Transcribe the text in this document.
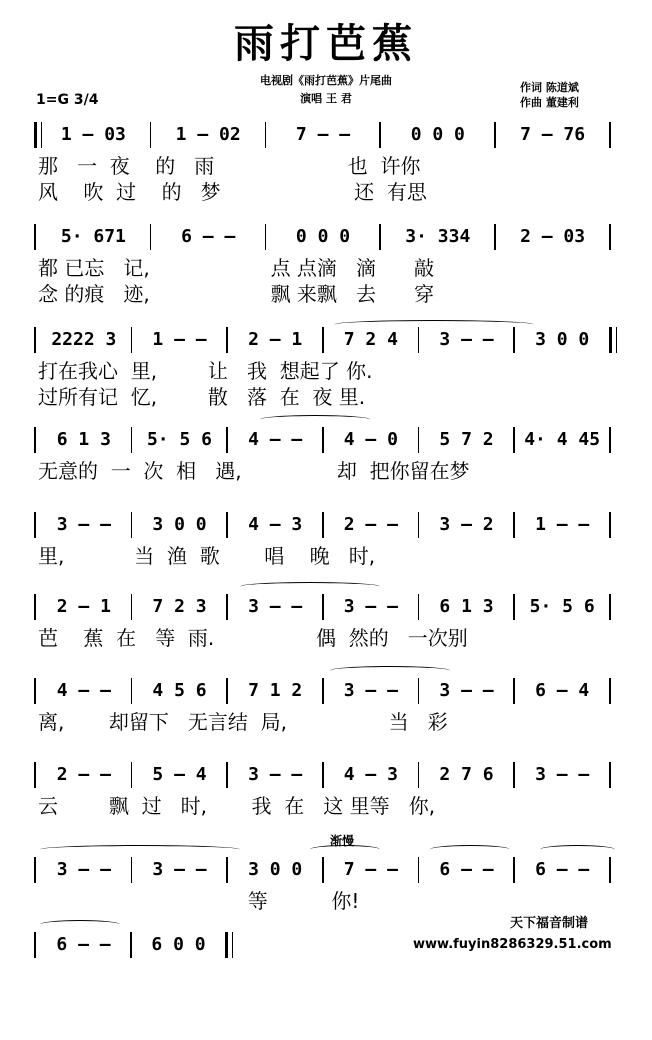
雨打芭蕉
电视剧《雨打芭蕉》片尾曲
演唱 王 君
作词 陈道斌
作曲 董建利
1=G 3/4
1 – 03	1 – 02	7 – –	0 0 0	7 – 76
那   一  夜    的   雨                     也  许你
风    吹  过    的   梦                     还  有思
5· 671	6 – –	0 0 0	3· 334	2 – 03
都 已忘   记,                   点 点滴   滴      敲
念 的痕   迹,                   飘 来飘   去      穿
2222 3	1 – –	2 – 1	7 2 4	3 – –	3 0 0
打在我心  里,        让   我  想起了 你.
过所有记  忆,        散   落  在  夜 里.
6 1 3	5· 5 6	4 – –	4 – 0	5 7 2	4· 4 45
无意的  一  次  相   遇,               却  把你留在梦
3 – –	3 0 0	4 – 3	2 – –	3 – 2	1 – –
里,           当  渔  歌       唱    晚   时,
2 – 1	7 2 3	3 – –	3 – –	6 1 3	5· 5 6
芭    蕉  在   等  雨.                偶  然的   一次别
4 – –	4 5 6	7 1 2	3 – –	3 – –	6 – 4
离,       却留下   无言结  局,                当   彩
2 – –	5 – 4	3 – –	4 – 3	2 7 6	3 – –
云        飘  过   时,       我  在   这 里等   你,
3 – –	3 – –	3 0 0	7 – –	6 – –	6 – –
等          你!
6 – –	6 0 0
渐慢
天下福音制谱
www.fuyin8286329.51.com
